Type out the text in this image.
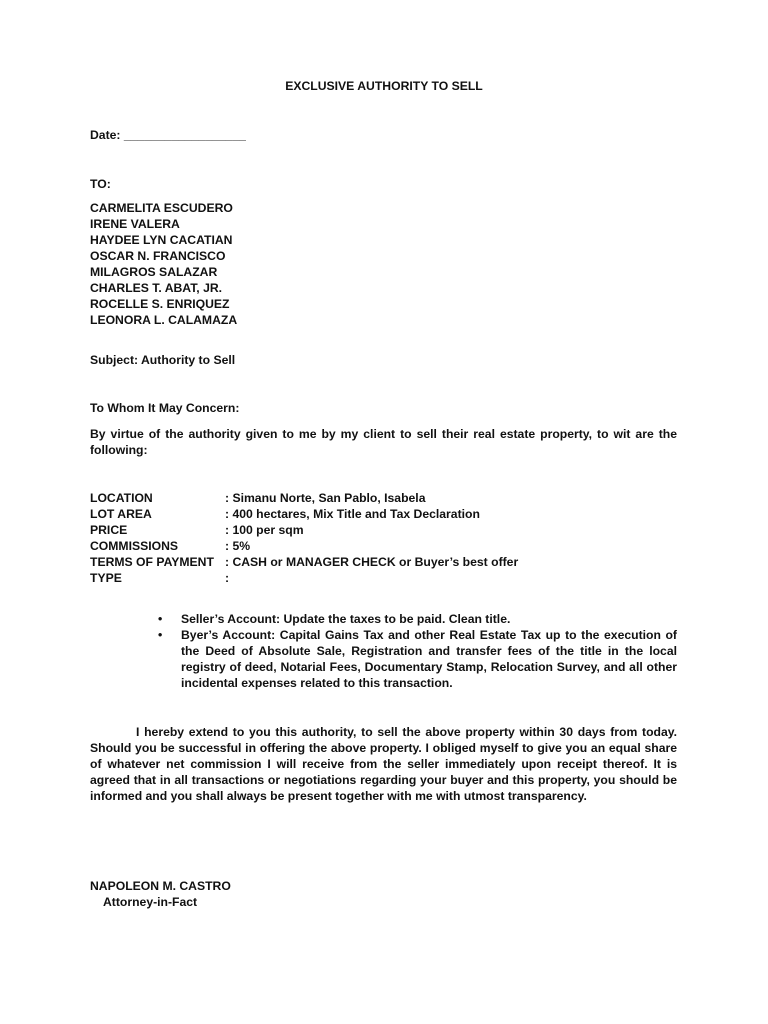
EXCLUSIVE AUTHORITY TO SELL
Date: __________________
TO:
CARMELITA ESCUDERO
IRENE VALERA
HAYDEE LYN CACATIAN
OSCAR N. FRANCISCO
MILAGROS SALAZAR
CHARLES T. ABAT, JR.
ROCELLE S. ENRIQUEZ
LEONORA L. CALAMAZA
Subject: Authority to Sell
To Whom It May Concern:

By virtue of the authority given to me by my client to sell their real estate property, to wit are the following:

LOCATION	: Simanu Norte, San Pablo, Isabela
LOT AREA	: 400 hectares, Mix Title and Tax Declaration
PRICE	: 100 per sqm
COMMISSIONS	: 5%
TERMS OF PAYMENT	: CASH or MANAGER CHECK or Buyer’s best offer
TYPE	:
• Seller’s Account: Update the taxes to be paid. Clean title.
• Byer’s Account: Capital Gains Tax and other Real Estate Tax up to the execution of the Deed of Absolute Sale, Registration and transfer fees of the title in the local registry of deed, Notarial Fees, Documentary Stamp, Relocation Survey, and all other incidental expenses related to this transaction.

I hereby extend to you this authority, to sell the above property within 30 days from today. Should you be successful in offering the above property. I obliged myself to give you an equal share of whatever net commission I will receive from the seller immediately upon receipt thereof. It is agreed that in all transactions or negotiations regarding your buyer and this property, you should be informed and you shall always be present together with me with utmost transparency.

NAPOLEON M. CASTRO
Attorney-in-Fact
